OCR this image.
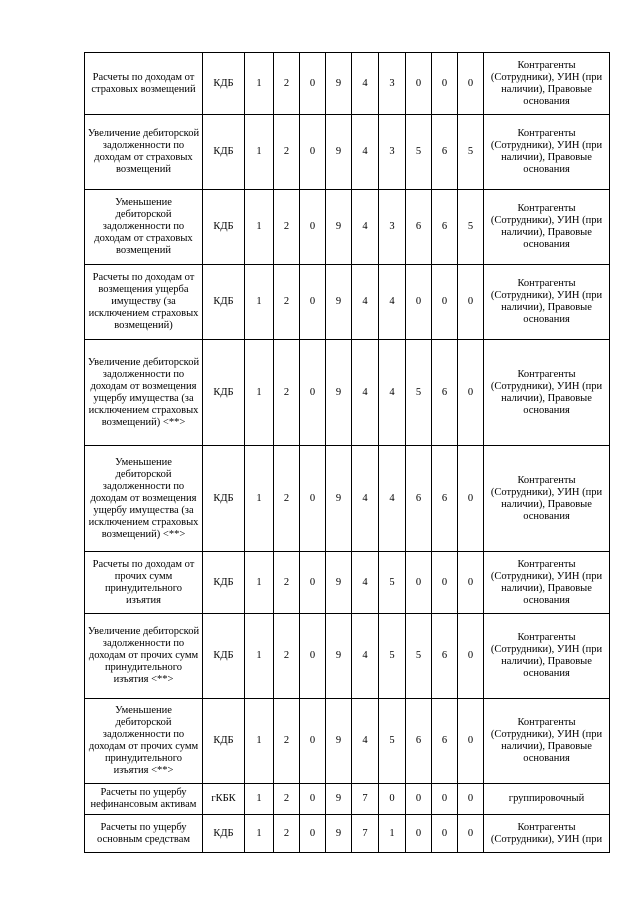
Расчеты по доходам от страховых возмещений	КДБ	1	2	0	9	4	3	0	0	0	Контрагенты (Сотрудники), УИН (при наличии), Правовые основания
Увеличение дебиторской задолженности по доходам от страховых возмещений	КДБ	1	2	0	9	4	3	5	6	5	Контрагенты (Сотрудники), УИН (при наличии), Правовые основания
Уменьшение дебиторской задолженности по доходам от страховых возмещений	КДБ	1	2	0	9	4	3	6	6	5	Контрагенты (Сотрудники), УИН (при наличии), Правовые основания
Расчеты по доходам от возмещения ущерба имуществу (за исключением страховых возмещений)	КДБ	1	2	0	9	4	4	0	0	0	Контрагенты (Сотрудники), УИН (при наличии), Правовые основания
Увеличение дебиторской задолженности по доходам от возмещения ущербу имущества (за исключением страховых возмещений) <**>	КДБ	1	2	0	9	4	4	5	6	0	Контрагенты (Сотрудники), УИН (при наличии), Правовые основания
Уменьшение дебиторской задолженности по доходам от возмещения ущербу имущества (за исключением страховых возмещений) <**>	КДБ	1	2	0	9	4	4	6	6	0	Контрагенты (Сотрудники), УИН (при наличии), Правовые основания
Расчеты по доходам от прочих сумм принудительного изъятия	КДБ	1	2	0	9	4	5	0	0	0	Контрагенты (Сотрудники), УИН (при наличии), Правовые основания
Увеличение дебиторской задолженности по доходам от прочих сумм принудительного изъятия <**>	КДБ	1	2	0	9	4	5	5	6	0	Контрагенты (Сотрудники), УИН (при наличии), Правовые основания
Уменьшение дебиторской задолженности по доходам от прочих сумм принудительного изъятия <**>	КДБ	1	2	0	9	4	5	6	6	0	Контрагенты (Сотрудники), УИН (при наличии), Правовые основания
Расчеты по ущербу нефинансовым активам	гКБК	1	2	0	9	7	0	0	0	0	группировочный
Расчеты по ущербу основным средствам	КДБ	1	2	0	9	7	1	0	0	0	Контрагенты (Сотрудники), УИН (при
